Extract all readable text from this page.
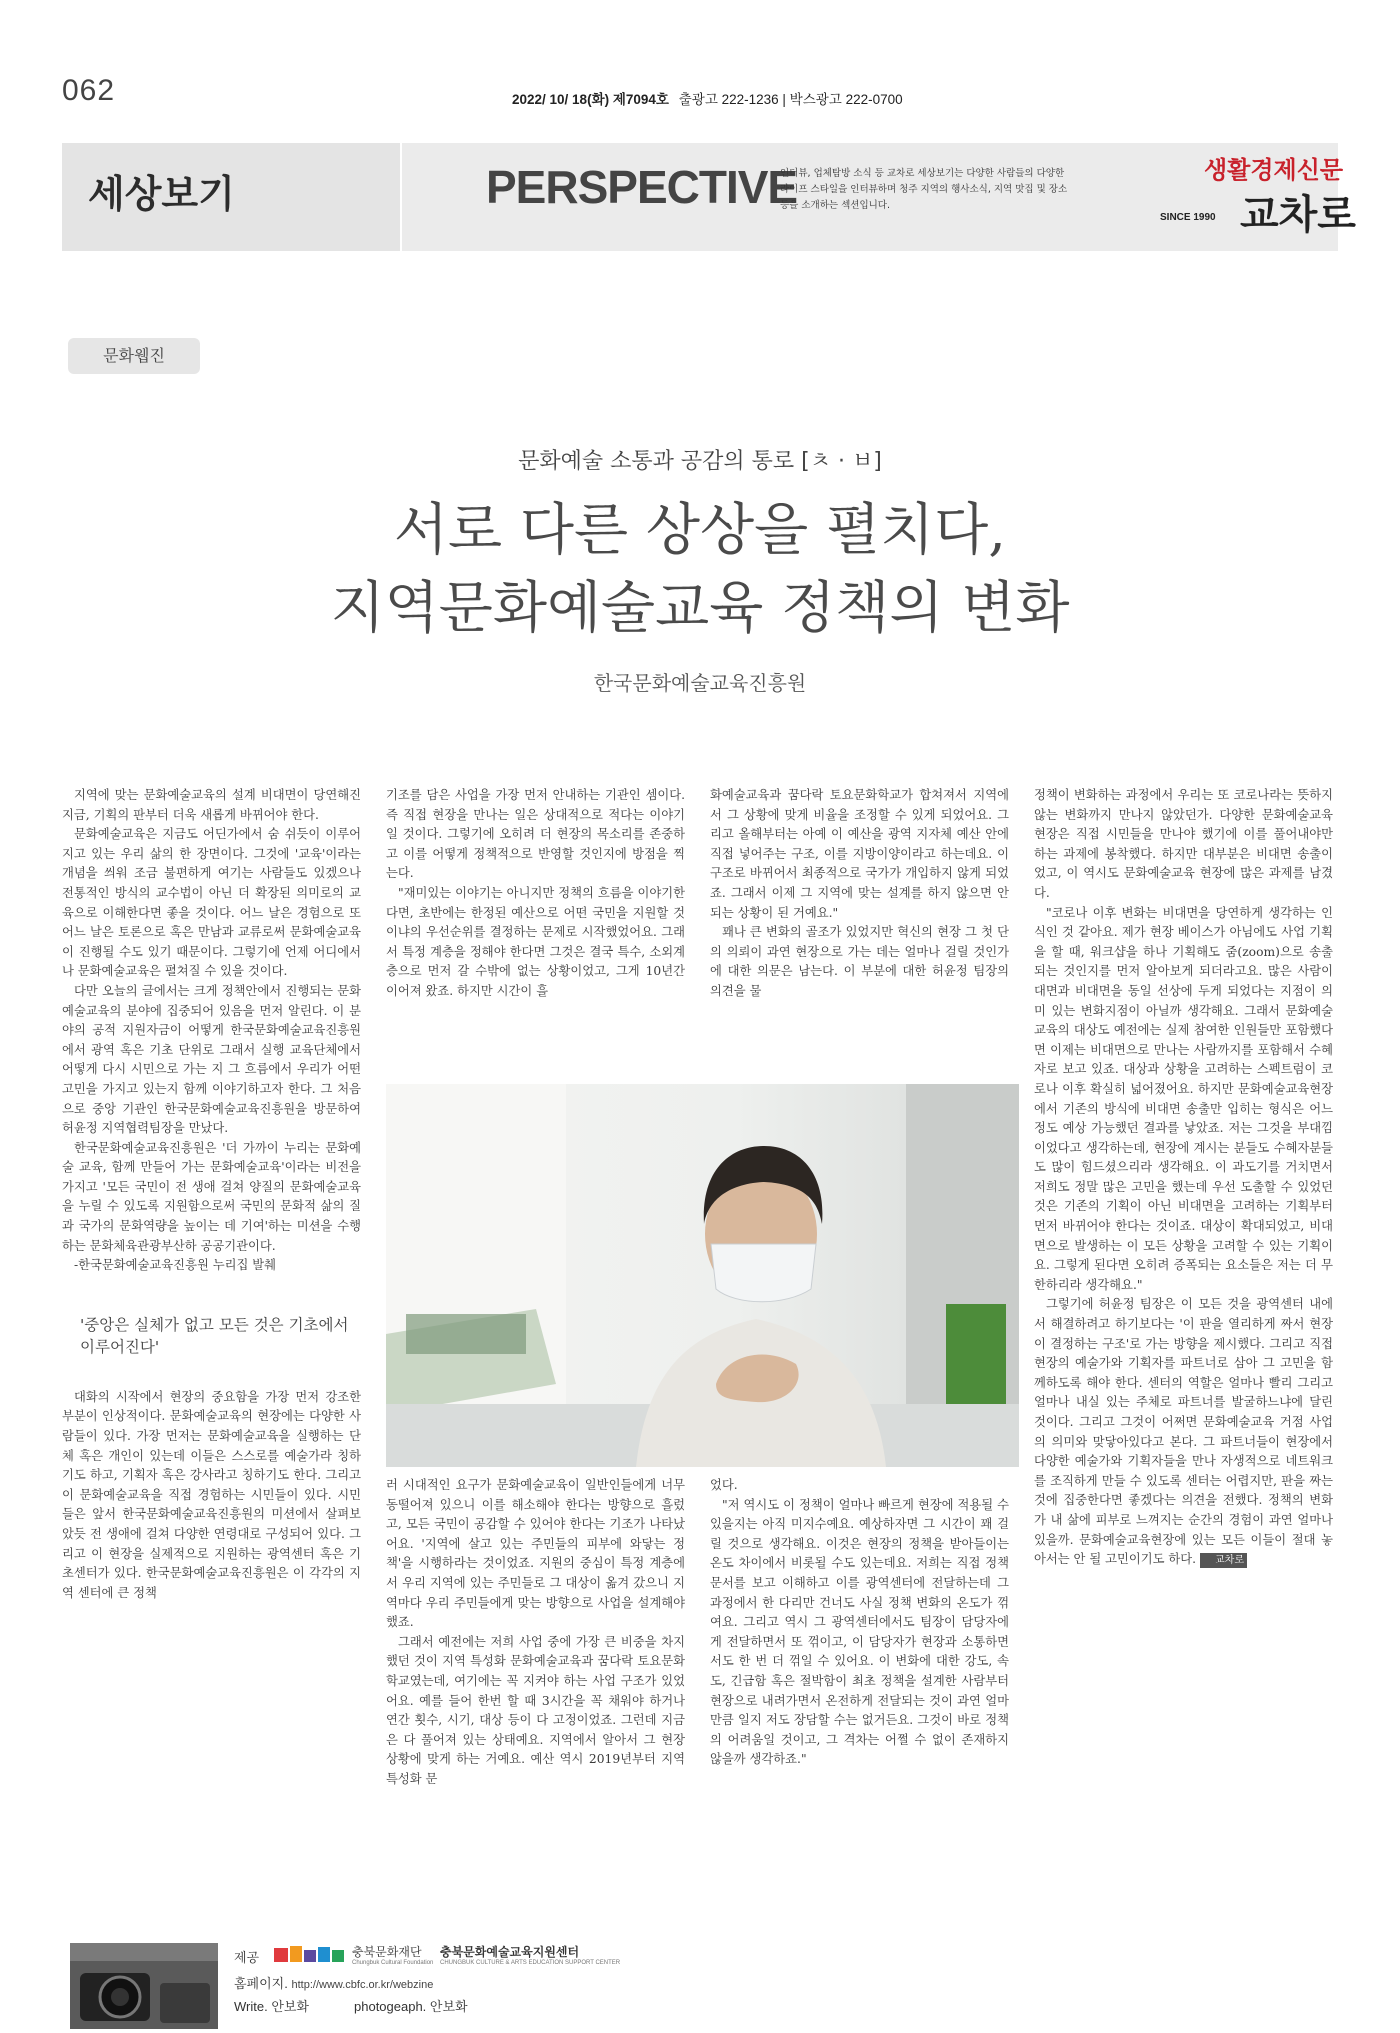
062	2022/ 10/ 18(화) 제7094호 출광고 222-1236 | 박스광고 222-0700
세상보기	PERSPECTIVE
인터뷰, 업체탐방 소식 등 교차로 세상보기는 다양한 사람들의 다양한 라이프 스타일을 인터뷰하며 청주 지역의 행사소식, 지역 맛집 및 장소 등을 소개하는 섹션입니다.
생활경제신문
SINCE 1990 교차로
문화웹진
문화예술 소통과 공감의 통로 [ㅊ · ㅂ]
서로 다른 상상을 펼치다,
지역문화예술교육 정책의 변화
한국문화예술교육진흥원

지역에 맞는 문화예술교육의 설계 비대면이 당연해진 지금, 기획의 판부터 더욱 새롭게 바뀌어야 한다.

문화예술교육은 지금도 어딘가에서 숨 쉬듯이 이루어지고 있는 우리 삶의 한 장면이다. 그것에 '교육'이라는 개념을 씌워 조금 불편하게 여기는 사람들도 있겠으나 전통적인 방식의 교수법이 아닌 더 확장된 의미로의 교육으로 이해한다면 좋을 것이다. 어느 날은 경험으로 또 어느 날은 토론으로 혹은 만남과 교류로써 문화예술교육이 진행될 수도 있기 때문이다. 그렇기에 언제 어디에서나 문화예술교육은 펼쳐질 수 있을 것이다.

다만 오늘의 글에서는 크게 정책안에서 진행되는 문화예술교육의 분야에 집중되어 있음을 먼저 알린다. 이 분야의 공적 지원자금이 어떻게 한국문화예술교육진흥원에서 광역 혹은 기초 단위로 그래서 실행 교육단체에서 어떻게 다시 시민으로 가는 지 그 흐름에서 우리가 어떤 고민을 가지고 있는지 함께 이야기하고자 한다. 그 처음으로 중앙 기관인 한국문화예술교육진흥원을 방문하여 허윤정 지역협력팀장을 만났다.

한국문화예술교육진흥원은 '더 가까이 누리는 문화예술 교육, 함께 만들어 가는 문화예술교육'이라는 비전을 가지고 '모든 국민이 전 생애 걸쳐 양질의 문화예술교육을 누릴 수 있도록 지원함으로써 국민의 문화적 삶의 질과 국가의 문화역량을 높이는 데 기여'하는 미션을 수행하는 문화체육관광부산하 공공기관이다.

-한국문화예술교육진흥원 누리집 발췌

'중앙은 실체가 없고 모든 것은 기초에서 이루어진다'

대화의 시작에서 현장의 중요함을 가장 먼저 강조한 부분이 인상적이다. 문화예술교육의 현장에는 다양한 사람들이 있다. 가장 먼저는 문화예술교육을 실행하는 단체 혹은 개인이 있는데 이들은 스스로를 예술가라 칭하기도 하고, 기획자 혹은 강사라고 칭하기도 한다. 그리고 이 문화예술교육을 직접 경험하는 시민들이 있다. 시민들은 앞서 한국문화예술교육진흥원의 미션에서 살펴보았듯 전 생애에 걸쳐 다양한 연령대로 구성되어 있다. 그리고 이 현장을 실제적으로 지원하는 광역센터 혹은 기초센터가 있다. 한국문화예술교육진흥원은 이 각각의 지역 센터에 큰 정책

기조를 담은 사업을 가장 먼저 안내하는 기관인 셈이다. 즉 직접 현장을 만나는 일은 상대적으로 적다는 이야기일 것이다. 그렇기에 오히려 더 현장의 목소리를 존중하고 이를 어떻게 정책적으로 반영할 것인지에 방점을 찍는다.

"재미있는 이야기는 아니지만 정책의 흐름을 이야기한다면, 초반에는 한정된 예산으로 어떤 국민을 지원할 것이냐의 우선순위를 결정하는 문제로 시작했었어요. 그래서 특정 계층을 정해야 한다면 그것은 결국 특수, 소외계층으로 먼저 갈 수밖에 없는 상황이었고, 그게 10년간 이어져 왔죠. 하지만 시간이 흘

화예술교육과 꿈다락 토요문화학교가 합쳐져서 지역에서 그 상황에 맞게 비율을 조정할 수 있게 되었어요. 그리고 올해부터는 아예 이 예산을 광역 지자체 예산 안에 직접 넣어주는 구조, 이를 지방이양이라고 하는데요. 이 구조로 바뀌어서 최종적으로 국가가 개입하지 않게 되었죠. 그래서 이제 그 지역에 맞는 설계를 하지 않으면 안 되는 상황이 된 거예요."

꽤나 큰 변화의 골조가 있었지만 혁신의 현장 그 첫 단의 의뢰이 과연 현장으로 가는 데는 얼마나 걸릴 것인가에 대한 의문은 남는다. 이 부분에 대한 허윤정 팀장의 의견을 물

러 시대적인 요구가 문화예술교육이 일반인들에게 너무 동떨어져 있으니 이를 해소해야 한다는 방향으로 흘렀고, 모든 국민이 공감할 수 있어야 한다는 기조가 나타났어요. '지역에 살고 있는 주민들의 피부에 와닿는 정책'을 시행하라는 것이었죠. 지원의 중심이 특정 계층에서 우리 지역에 있는 주민들로 그 대상이 옮겨 갔으니 지역마다 우리 주민들에게 맞는 방향으로 사업을 설계해야 했죠.

그래서 예전에는 저희 사업 중에 가장 큰 비중을 차지했던 것이 지역 특성화 문화예술교육과 꿈다락 토요문화학교였는데, 여기에는 꼭 지켜야 하는 사업 구조가 있었어요. 예를 들어 한번 할 때 3시간을 꼭 채워야 하거나 연간 횟수, 시기, 대상 등이 다 고정이었죠. 그런데 지금은 다 풀어져 있는 상태예요. 지역에서 알아서 그 현장 상황에 맞게 하는 거예요. 예산 역시 2019년부터 지역특성화 문

었다.

"저 역시도 이 정책이 얼마나 빠르게 현장에 적용될 수 있을지는 아직 미지수예요. 예상하자면 그 시간이 꽤 걸릴 것으로 생각해요. 이것은 현장의 정책을 받아들이는 온도 차이에서 비롯될 수도 있는데요. 저희는 직접 정책 문서를 보고 이해하고 이를 광역센터에 전달하는데 그 과정에서 한 다리만 건너도 사실 정책 변화의 온도가 꺾여요. 그리고 역시 그 광역센터에서도 팀장이 담당자에게 전달하면서 또 꺾이고, 이 담당자가 현장과 소통하면서도 한 번 더 꺾일 수 있어요. 이 변화에 대한 강도, 속도, 긴급함 혹은 절박함이 최초 정책을 설계한 사람부터 현장으로 내려가면서 온전하게 전달되는 것이 과연 얼마만큼 일지 저도 장담할 수는 없거든요. 그것이 바로 정책의 어려움일 것이고, 그 격차는 어쩔 수 없이 존재하지 않을까 생각하죠."

정책이 변화하는 과정에서 우리는 또 코로나라는 뜻하지 않는 변화까지 만나지 않았던가. 다양한 문화예술교육 현장은 직접 시민들을 만나야 했기에 이를 풀어내야만 하는 과제에 봉착했다. 하지만 대부분은 비대면 송출이었고, 이 역시도 문화예술교육 현장에 많은 과제를 남겼다.

"코로나 이후 변화는 비대면을 당연하게 생각하는 인식인 것 같아요. 제가 현장 베이스가 아님에도 사업 기획을 할 때, 워크샵을 하나 기획해도 줌(zoom)으로 송출되는 것인지를 먼저 알아보게 되더라고요. 많은 사람이 대면과 비대면을 동일 선상에 두게 되었다는 지점이 의미 있는 변화지점이 아닐까 생각해요. 그래서 문화예술교육의 대상도 예전에는 실제 참여한 인원들만 포함했다면 이제는 비대면으로 만나는 사람까지를 포함해서 수혜자로 보고 있죠. 대상과 상황을 고려하는 스펙트럼이 코로나 이후 확실히 넓어졌어요. 하지만 문화예술교육현장에서 기존의 방식에 비대면 송출만 입히는 형식은 어느 정도 예상 가능했던 결과를 낳았죠. 저는 그것을 부대낌이었다고 생각하는데, 현장에 계시는 분들도 수혜자분들도 많이 힘드셨으리라 생각해요. 이 과도기를 거치면서 저희도 정말 많은 고민을 했는데 우선 도출할 수 있었던 것은 기존의 기획이 아닌 비대면을 고려하는 기획부터 먼저 바뀌어야 한다는 것이죠. 대상이 확대되었고, 비대면으로 발생하는 이 모든 상황을 고려할 수 있는 기획이요. 그렇게 된다면 오히려 증폭되는 요소들은 저는 더 무한하리라 생각해요."

그렇기에 허윤정 팀장은 이 모든 것을 광역센터 내에서 해결하려고 하기보다는 '이 판을 열리하게 짜서 현장이 결정하는 구조'로 가는 방향을 제시했다. 그리고 직접 현장의 예술가와 기획자를 파트너로 삼아 그 고민을 함께하도록 해야 한다. 센터의 역할은 얼마나 빨리 그리고 얼마나 내실 있는 주체로 파트너를 발굴하느냐에 달린 것이다. 그리고 그것이 어쩌면 문화예술교육 거점 사업의 의미와 맞닿아있다고 본다. 그 파트너들이 현장에서 다양한 예술가와 기획자들을 만나 자생적으로 네트워크를 조직하게 만들 수 있도록 센터는 어렵지만, 판을 짜는 것에 집중한다면 좋겠다는 의견을 전했다. 정책의 변화가 내 삶에 피부로 느껴지는 순간의 경험이 과연 얼마나 있을까. 문화예술교육현장에 있는 모든 이들이 절대 놓아서는 안 될 고민이기도 하다. 교차로

제공	충북문화재단
Chungbuk Cultural Foundation
충북문화예술교육지원센터
CHUNGBUK CULTURE & ARTS EDUCATION SUPPORT CENTER
홈페이지. http://www.cbfc.or.kr/webzine
Write. 안보화	photogeaph. 안보화
